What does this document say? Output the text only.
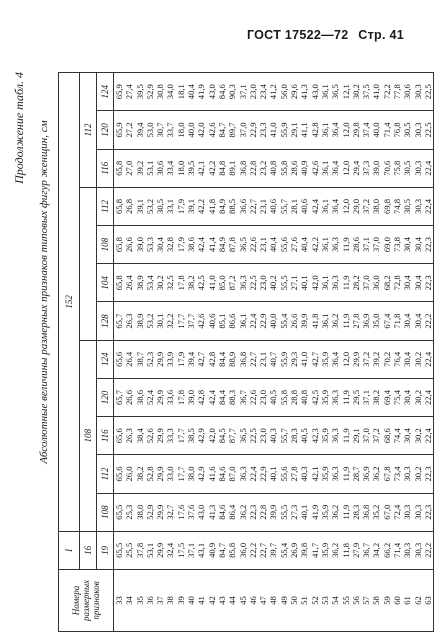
ГОСТ 17522—72 Стр. 41
Продолжение табл. 4 Абсолютные величины размерных признаков типовых фигур женщин, см
Номера размерных признаков	I	152											
	16	108									112		
	19	108	112	116	120	124	128	104	108	112	116	120	124
33	65,5	65,5	65,6	65,6	65,7	65,6	65,7	65,8	65,8	65,8	65,8	65,9	65,9
34	25,5	25,3	26,0	26,3	26,6	26,4	26,3	26,4	26,6	26,8	27,0	27,2	27,4
35	37,8	38,0	38,2	38,4	38,6	38,7	38,9	38,9	39,0	39,1	39,2	39,4	39,5
36	53,1	52,9	52,8	52,6	52,4	52,3	53,2	53,4	53,3	53,2	53,1	53,0	52,9
37	29,9	29,9	29,9	29,9	29,9	29,9	30,1	30,2	30,4	30,5	30,6	30,7	30,8
38	32,4	32,7	33,0	33,3	33,6	33,9	32,2	32,5	32,8	33,1	33,4	33,7	34,0
39	17,5	17,6	17,7	17,7	17,8	17,9	17,7	17,8	17,9	17,9	18,0	18,0	18,1
40	37,1	37,6	38,0	38,5	39,0	39,4	37,7	38,2	38,6	39,1	39,5	40,0	40,4
41	43,1	43,0	42,9	42,9	42,8	42,7	42,6	42,5	42,4	42,2	42,1	42,0	41,9
42	40,9	41,3	41,6	42,0	42,4	42,8	40,6	41,0	41,4	41,8	42,2	42,6	43,0
43	84,7	84,6	84,6	84,5	84,4	84,4	85,1	85,0	84,9	84,9	84,8	84,7	84,6
44	85,8	86,4	87,0	87,7	88,3	88,9	86,6	87,2	87,8	88,5	89,1	89,7	90,3
45	36,0	36,2	36,3	36,5	36,7	36,8	36,1	36,3	36,5	36,6	36,8	37,0	37,1
46	22,2	22,3	22,4	22,5	22,6	22,7	22,4	22,5	22,6	22,7	22,8	22,9	23,0
47	22,7	22,8	22,9	23,0	23,0	23,1	22,9	23,0	23,1	23,1	23,2	23,3	23,4
48	39,7	39,9	40,1	40,3	40,5	40,7	40,0	40,2	40,4	40,6	40,8	41,0	41,2
49	55,4	55,5	55,6	55,7	55,8	55,9	55,4	55,5	55,6	55,7	55,8	55,9	56,0
50	26,9	27,3	27,8	28,3	28,8	29,3	26,6	27,1	27,6	28,1	28,6	29,1	29,6
51	39,8	40,1	40,3	40,5	40,8	41,0	39,9	40,1	40,4	40,6	40,9	41,1	41,3
52	41,7	41,9	42,1	42,3	42,5	42,7	41,8	42,0	42,2	42,4	42,6	42,8	43,0
53	35,9	35,9	35,9	35,9	35,9	35,9	36,1	36,1	36,1	36,1	36,1	36,1	36,1
54	36,2	36,2	36,3	36,3	36,3	36,4	36,2	36,3	36,3	36,4	36,4	36,4	36,5
55	11,8	11,9	11,9	11,9	11,9	12,0	11,9	11,9	11,9	12,0	12,0	12,0	12,1
56	27,9	28,3	28,7	29,1	29,5	29,9	27,8	28,2	28,6	29,0	29,4	29,8	30,2
57	36,7	36,8	36,9	37,0	37,1	37,2	36,9	37,0	37,1	37,2	37,3	37,4	37,5
58	34,2	35,2	36,2	37,2	38,2	39,2	35,0	36,0	37,0	38,0	39,0	40,0	41,0
59	66,2	67,0	67,8	68,6	69,4	70,2	67,4	68,2	69,0	69,8	70,6	71,4	72,2
60	71,4	72,4	73,4	74,4	75,4	76,4	71,8	72,8	73,8	74,8	75,8	76,8	77,8
61	30,3	30,3	30,3	30,4	30,4	30,4	30,4	30,4	30,4	30,5	30,5	30,5	30,6
62	30,3	30,3	30,2	30,2	30,2	30,2	30,4	30,4	30,4	30,3	30,3	30,3	30,3
63	22,2	22,3	22,3	22,4	22,4	22,4	22,2	22,3	22,3	22,4	22,4	22,5	22,5
